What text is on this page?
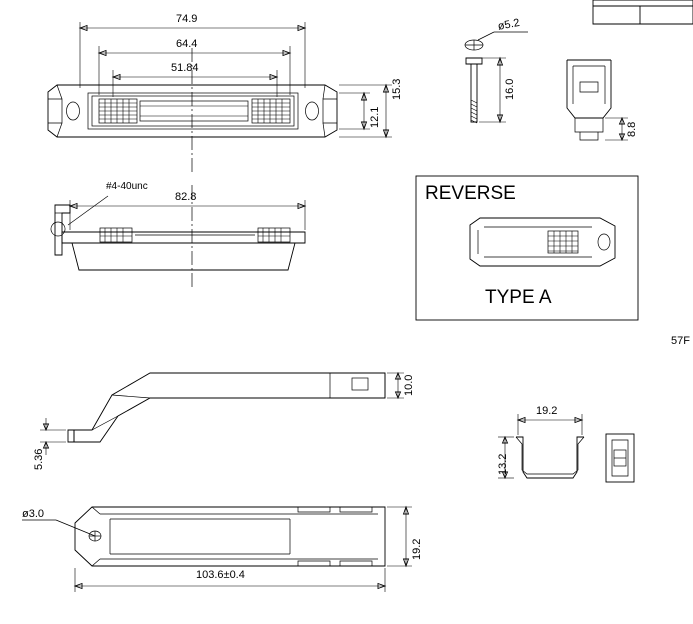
74.9
64.4
51.84
15.3
12.1
#4-40unc
82.8
ø5.2
16.0
8.8
REVERSE
TYPE A
57F
10.0
5.36
ø3.0
19.2
103.6±0.4
19.2
13.2
